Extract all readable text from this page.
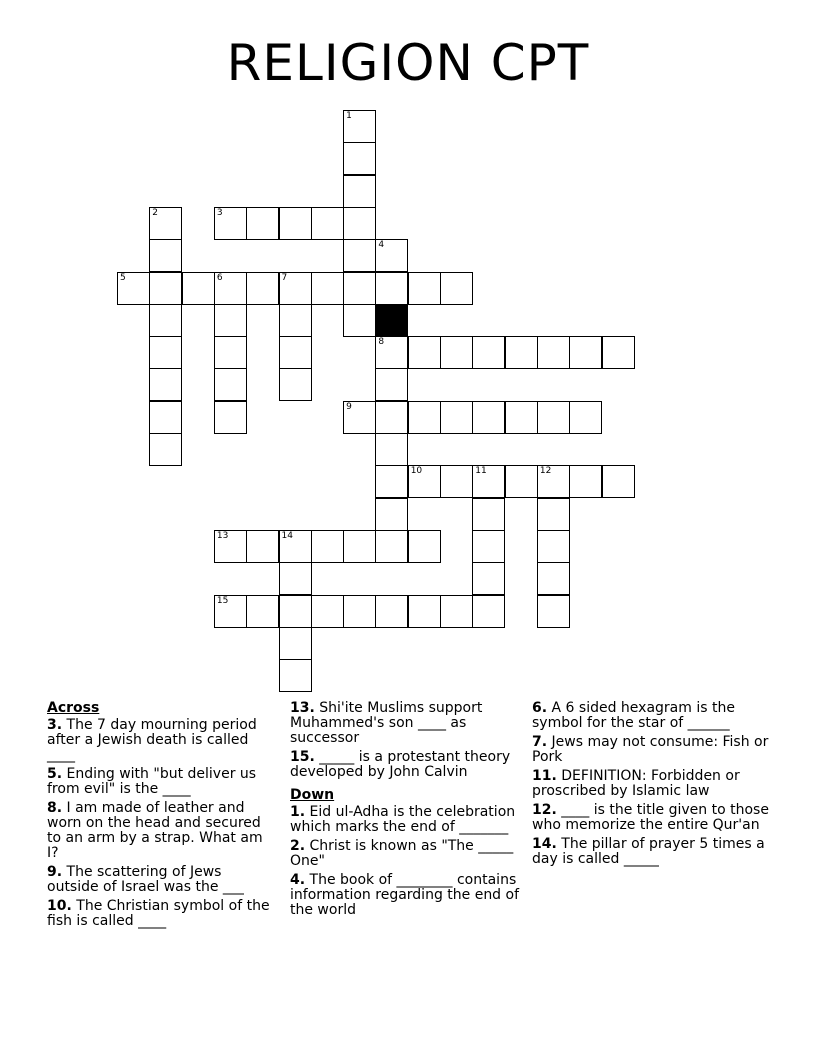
RELIGION CPT
1
2	3
4
8
5	6	7
9
10	11	12
13	14
15
Across
3. The 7 day mourning period after a Jewish death is called ____
5. Ending with "but deliver us from evil" is the ____
8. I am made of leather and worn on the head and secured to an arm by a strap. What am I?
9. The scattering of Jews outside of Israel was the ___
10. The Christian symbol of the fish is called ____
13. Shi'ite Muslims support Muhammed's son ____ as successor
15. _____ is a protestant theory developed by John Calvin
Down
1. Eid ul-Adha is the celebration which marks the end of _______
2. Christ is known as "The _____ One"
4. The book of ________ contains information regarding the end of the world
6. A 6 sided hexagram is the symbol for the star of ______
7. Jews may not consume: Fish or Pork
11. DEFINITION: Forbidden or proscribed by Islamic law
12. ____ is the title given to those who memorize the entire Qur'an
14. The pillar of prayer 5 times a day is called _____
